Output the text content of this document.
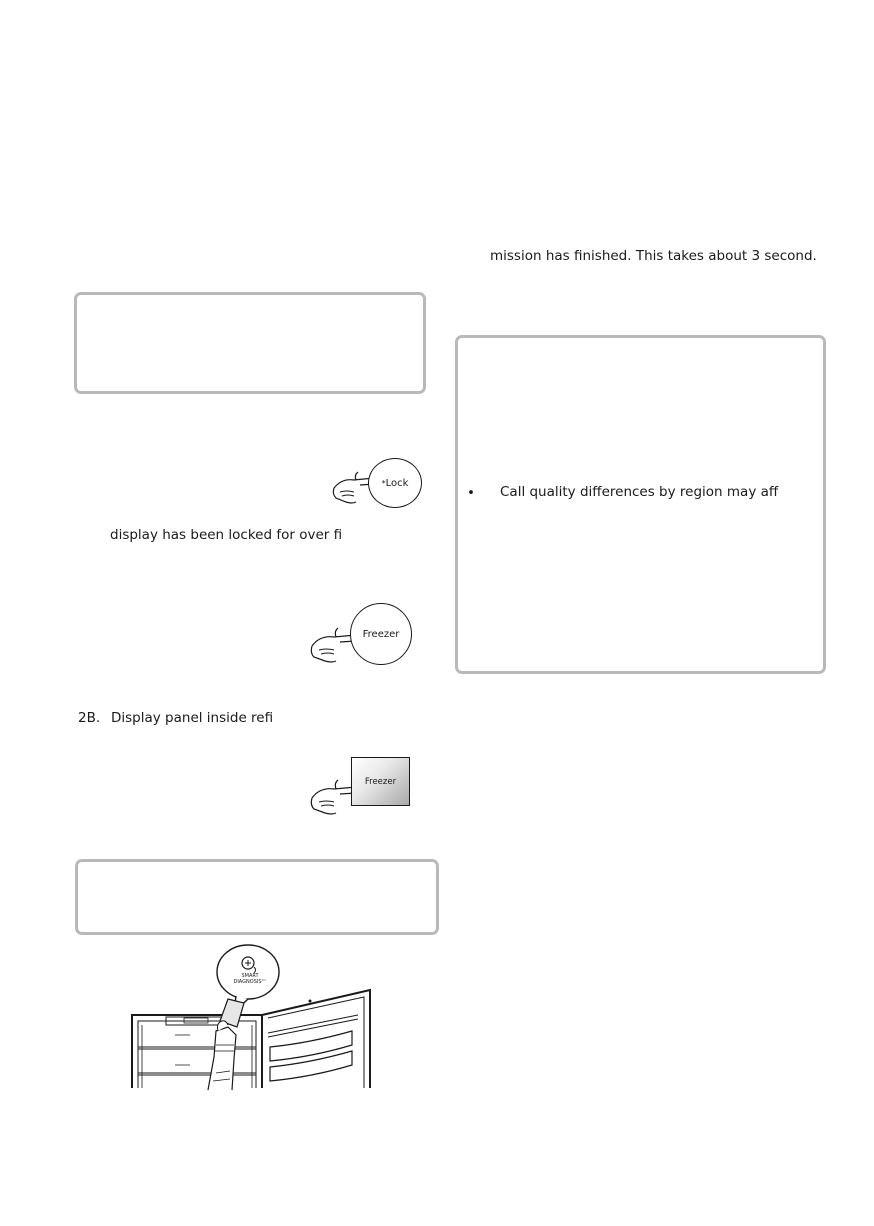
mission has finished. This takes about 3 second.
• Call quality differences by region may aff
* Lock
display has been locked for over fi
Freezer
2B. Display panel inside refi
Freezer
SMART
DIAGNOSIS™
